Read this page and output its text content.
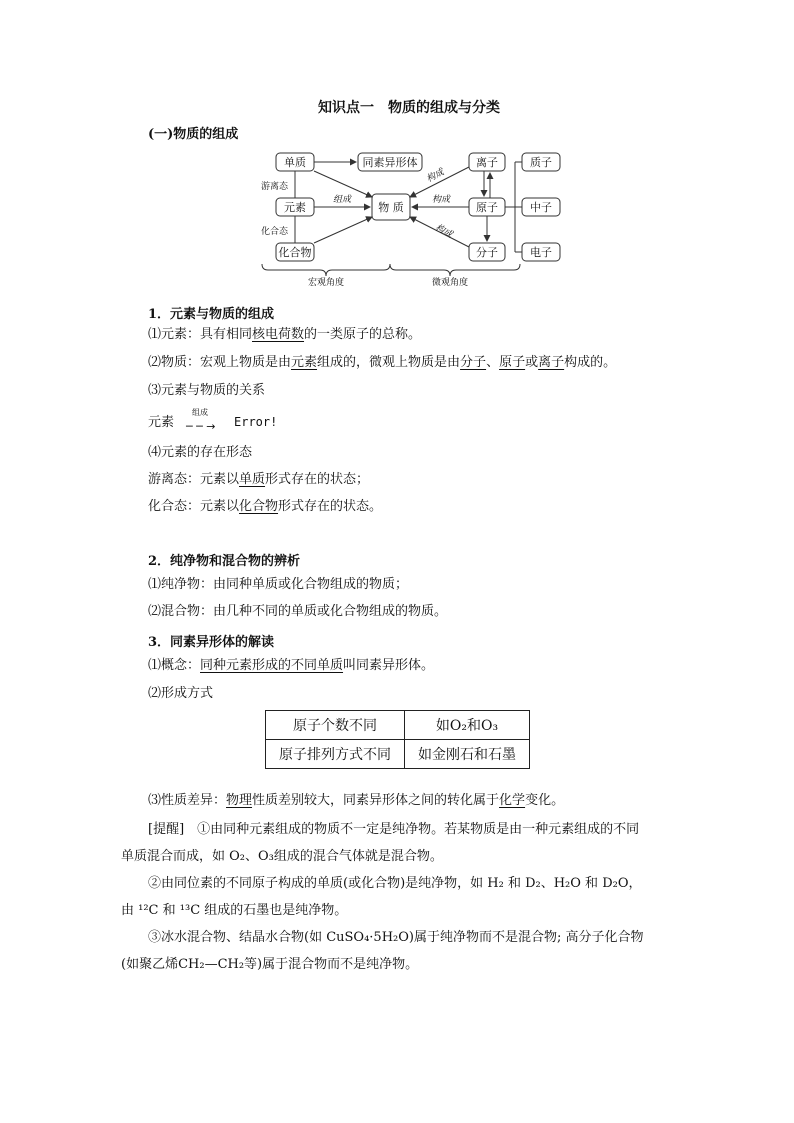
知识点一　物质的组成与分类
(一)物质的组成
单质	同素异形体	离子	质子
元素	物 质	原子	中子
化合物	分子	电子
游离态
化合态
组成	构成
构成
构成
宏观角度	微观角度
1．元素与物质的组成
⑴元素：具有相同核电荷数的一类原子的总称。
⑵物质：宏观上物质是由元素组成的，微观上物质是由分子、原子或离子构成的。
⑶元素与物质的关系
元素
组成
─ ─ → Error!
⑷元素的存在形态
游离态：元素以单质形式存在的状态；
化合态：元素以化合物形式存在的状态。
2．纯净物和混合物的辨析
⑴纯净物：由同种单质或化合物组成的物质；
⑵混合物：由几种不同的单质或化合物组成的物质。
3．同素异形体的解读
⑴概念：同种元素形成的不同单质叫同素异形体。
⑵形成方式
原子个数不同	如O₂和O₃
原子排列方式不同	如金刚石和石墨
⑶性质差异：物理性质差别较大，同素异形体之间的转化属于化学变化。
[提醒]　①由同种元素组成的物质不一定是纯净物。若某物质是由一种元素组成的不同
单质混合而成，如 O₂、O₃组成的混合气体就是混合物。
②由同位素的不同原子构成的单质(或化合物)是纯净物，如 H₂ 和 D₂、H₂O 和 D₂O，
由 ¹²C 和 ¹³C 组成的石墨也是纯净物。
③冰水混合物、结晶水合物(如 CuSO₄·5H₂O)属于纯净物而不是混合物; 高分子化合物
(如聚乙烯CH₂—CH₂等)属于混合物而不是纯净物。
